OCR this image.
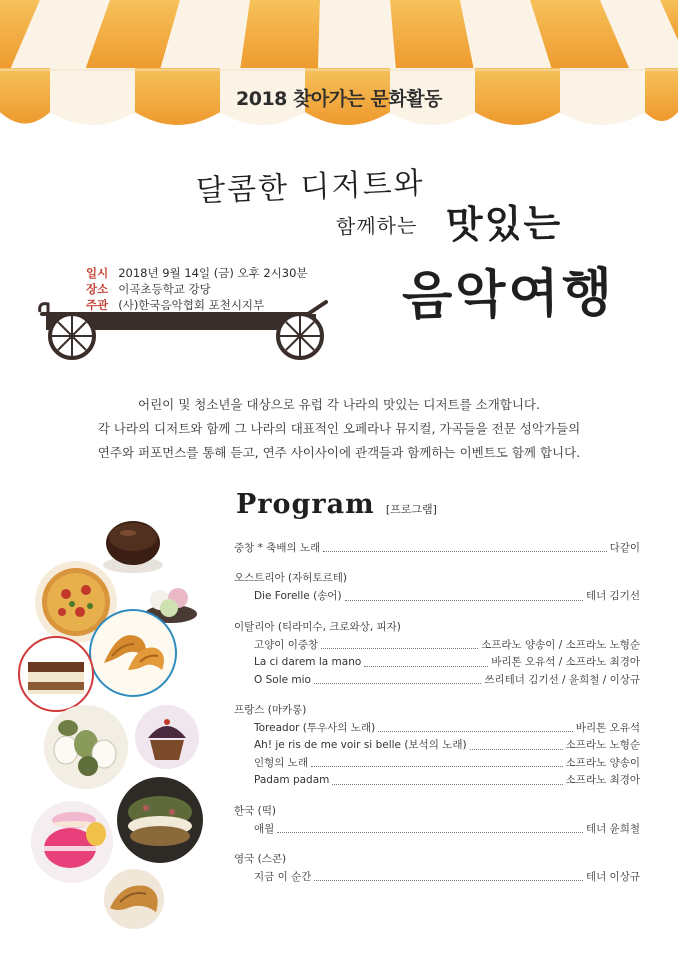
2018 찾아가는 문화활동
달콤한 디저트와
함께하는 맛있는
음악여행
일시 2018년 9월 14일 (금) 오후 2시30분
장소 이곡초등학교 강당
주관 (사)한국음악협회 포천시지부
어린이 및 청소년을 대상으로 유럽 각 나라의 맛있는 디저트를 소개합니다.
각 나라의 디저트와 함께 그 나라의 대표적인 오페라나 뮤지컬, 가곡들을 전문 성악가들의
연주와 퍼포먼스를 통해 듣고, 연주 사이사이에 관객들과 함께하는 이벤트도 함께 합니다.
Program [프로그램]
중창 * 축배의 노래	다같이
오스트리아 (자허토르테)
Die Forelle (송어)	테너 김기선
이탈리아 (티라미수, 크로와상, 피자)
고양이 이중창	소프라노 양송이 / 소프라노 노형순
La ci darem la mano	바리톤 오유석 / 소프라노 최경아
O Sole mio	쓰리테너 김기선 / 윤희철 / 이상규
프랑스 (마카롱)
Toreador (투우사의 노래)	바리톤 오유석
Ah! je ris de me voir si belle (보석의 노래)	소프라노 노형순
인형의 노래	소프라노 양송이
Padam padam	소프라노 최경아
한국 (떡)
애월	테너 윤희철
영국 (스콘)
지금 이 순간	테너 이상규
